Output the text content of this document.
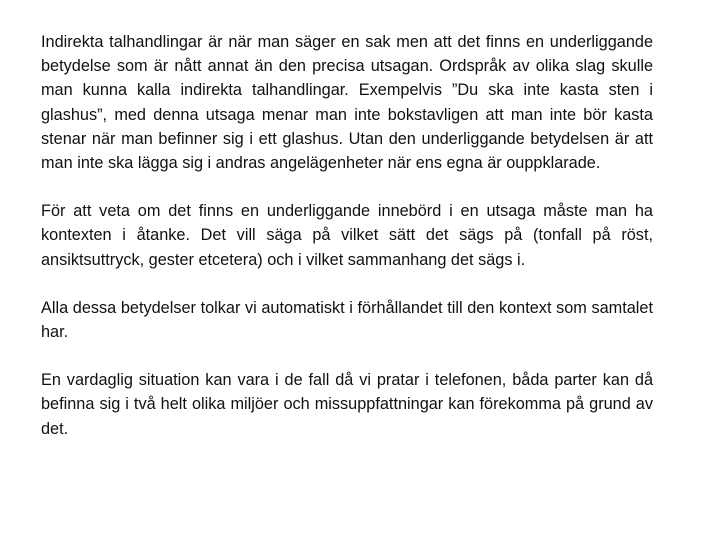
Indirekta talhandlingar är när man säger en sak men att det finns en underliggande betydelse som är nått annat än den precisa utsagan. Ordspråk av olika slag skulle man kunna kalla indirekta talhandlingar. Exempelvis ”Du ska inte kasta sten i glashus”, med denna utsaga menar man inte bokstavligen att man inte bör kasta stenar när man befinner sig i ett glashus. Utan den underliggande betydelsen är att man inte ska lägga sig i andras angelägenheter när ens egna är ouppklarade.

För att veta om det finns en underliggande innebörd i en utsaga måste man ha kontexten i åtanke. Det vill säga på vilket sätt det sägs på (tonfall på röst, ansiktsuttryck, gester etcetera) och i vilket sammanhang det sägs i.

Alla dessa betydelser tolkar vi automatiskt i förhållandet till den kontext som samtalet har.

En vardaglig situation kan vara i de fall då vi pratar i telefonen, båda parter kan då befinna sig i två helt olika miljöer och missuppfattningar kan förekomma på grund av det.
